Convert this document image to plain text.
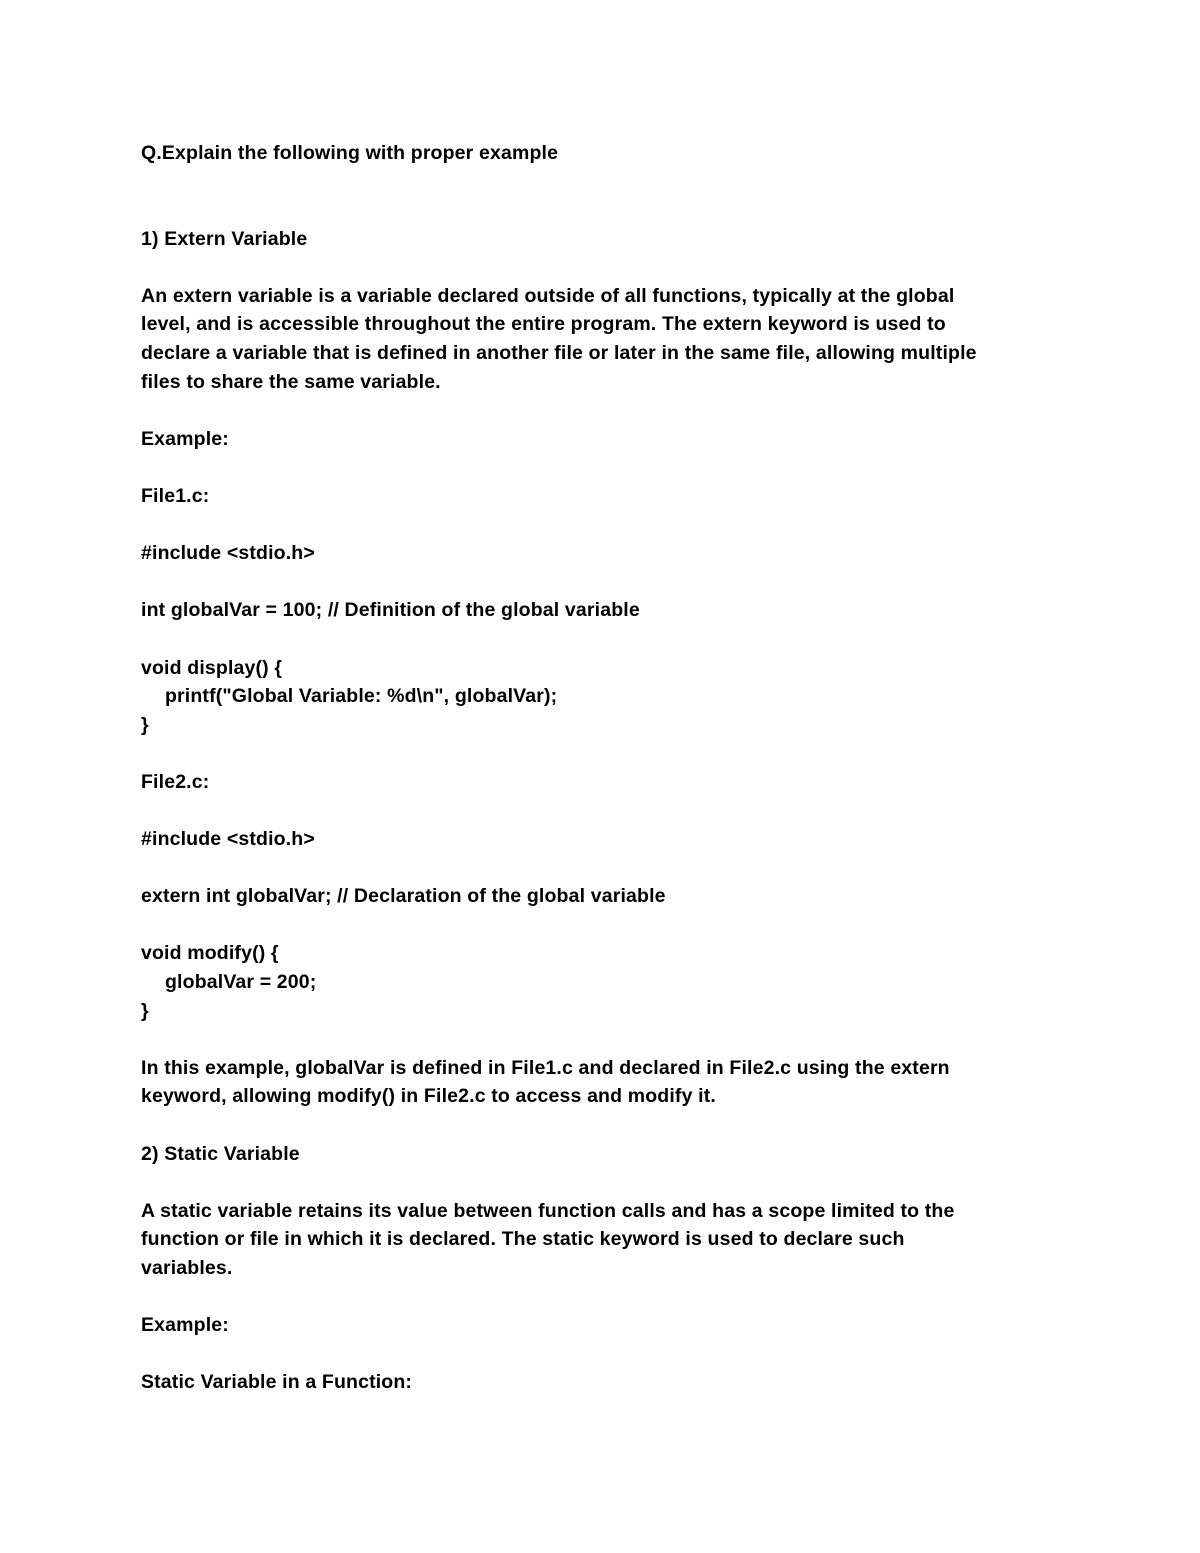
Q.Explain the following with proper example
1) Extern Variable
An extern variable is a variable declared outside of all functions, typically at the global
level, and is accessible throughout the entire program. The extern keyword is used to
declare a variable that is defined in another file or later in the same file, allowing multiple
files to share the same variable.
Example:
File1.c:
#include <stdio.h>
int globalVar = 100; // Definition of the global variable
void display() {
printf("Global Variable: %d\n", globalVar);
}
File2.c:
#include <stdio.h>
extern int globalVar; // Declaration of the global variable
void modify() {
globalVar = 200;
}
In this example, globalVar is defined in File1.c and declared in File2.c using the extern
keyword, allowing modify() in File2.c to access and modify it.
2) Static Variable
A static variable retains its value between function calls and has a scope limited to the
function or file in which it is declared. The static keyword is used to declare such
variables.
Example:
Static Variable in a Function:
